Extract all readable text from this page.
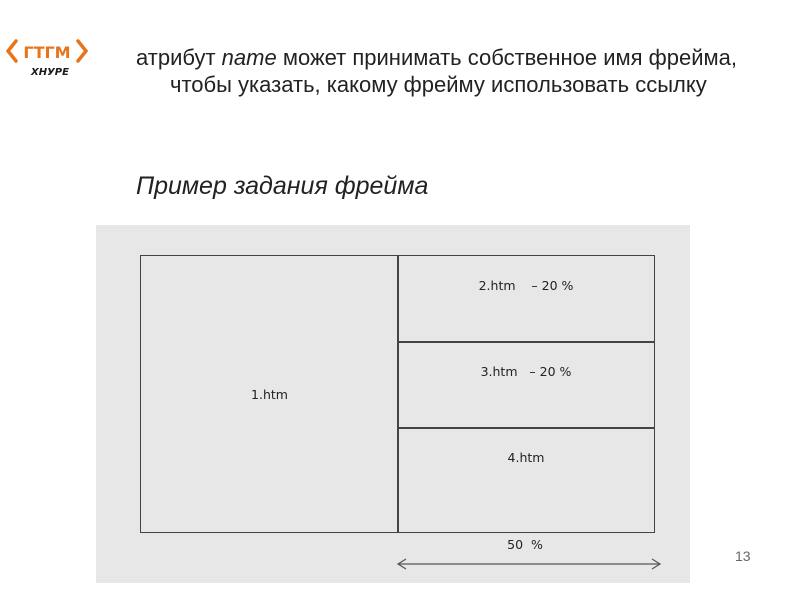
ГТГМ
ХНУРЕ
атрибут name может принимать собственное имя фрейма, чтобы указать, какому фрейму использовать ссылку
Пример задания фрейма
1.htm
2.htm    – 20 %
3.htm   – 20 %
4.htm
50  %
13
